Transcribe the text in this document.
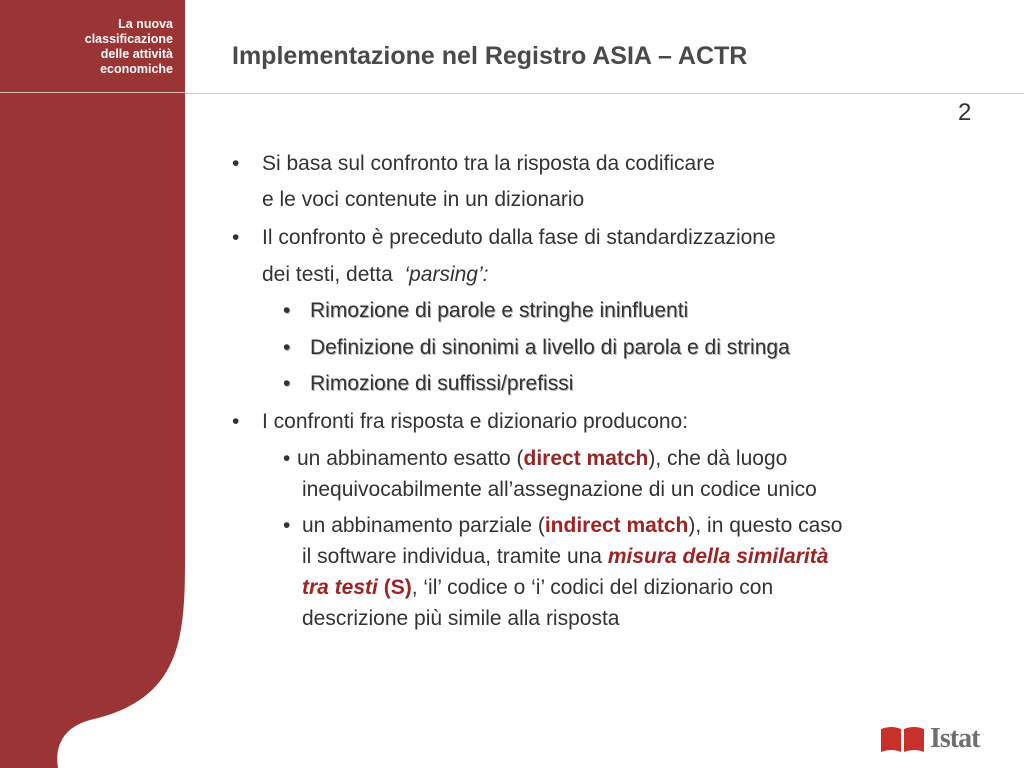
La nuova
classificazione
delle attività
economiche Implementazione nel Registro ASIA – ACTR
2
• Si basa sul confronto tra la risposta da codificare
e le voci contenute in un dizionario
• Il confronto è preceduto dalla fase di standardizzazione
dei testi, detta ‘parsing’:
• Rimozione di parole e stringhe ininfluenti
• Definizione di sinonimi a livello di parola e di stringa
• Rimozione di suffissi/prefissi
• I confronti fra risposta e dizionario producono:
• un abbinamento esatto (direct match), che dà luogo
inequivocabilmente all’assegnazione di un codice unico
• un abbinamento parziale (indirect match), in questo caso
il software individua, tramite una misura della similarità
tra testi (S), ‘il’ codice o ‘i’ codici del dizionario con
descrizione più simile alla risposta
Istat
